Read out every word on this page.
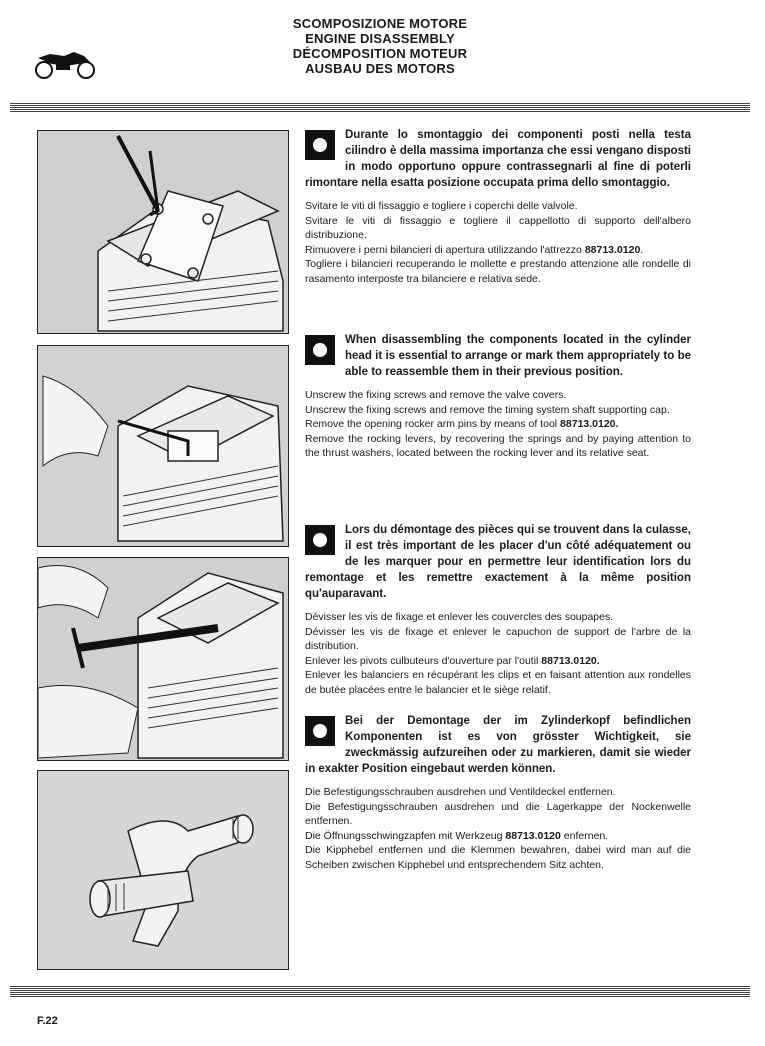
SCOMPOSIZIONE MOTORE
ENGINE DISASSEMBLY
DÉCOMPOSITION MOTEUR
AUSBAU DES MOTORS

Durante lo smontaggio dei componenti posti nella testa cilindro è della massima importanza che essi vengano disposti in modo opportuno oppure contrassegnarli al fine di poterli rimontare nella esatta posizione occupata prima dello smontaggio.

Svitare le viti di fissaggio e togliere i coperchi delle valvole.

Svitare le viti di fissaggio e togliere il cappellotto di supporto dell'albero distribuzione.

Rimuovere i perni bilancieri di apertura utilizzando l'attrezzo 88713.0120.

Togliere i bilancieri recuperando le mollette e prestando attenzione alle rondelle di rasamento interposte tra bilanciere e relativa sede.

When disassembling the components located in the cylinder head it is essential to arrange or mark them appropriately to be able to reassemble them in their previous position.

Unscrew the fixing screws and remove the valve covers.

Unscrew the fixing screws and remove the timing system shaft supporting cap.

Remove the opening rocker arm pins by means of tool 88713.0120.

Remove the rocking levers, by recovering the springs and by paying attention to the thrust washers, located between the rocking lever and its relative seat.

Lors du démontage des pièces qui se trouvent dans la culasse, il est très important de les placer d'un côté adéquatement ou de les marquer pour en permettre leur identification lors du remontage et les remettre exactement à la même position qu'auparavant.

Dévisser les vis de fixage et enlever les couvercles des soupapes.

Dévisser les vis de fixage et enlever le capuchon de support de l'arbre de la distribution.

Enlever les pivots culbuteurs d'ouverture par l'outil 88713.0120.

Enlever les balanciers en récupérant les clips et en faisant attention aux rondelles de butée placées entre le balancier et le siège relatif.

Bei der Demontage der im Zylinderkopf befindlichen Komponenten ist es von grösster Wichtigkeit, sie zweckmässig aufzureihen oder zu markieren, damit sie wieder in exakter Position eingebaut werden können.

Die Befestigungsschrauben ausdrehen und Ventildeckel entfernen.

Die Befestigungsschrauben ausdrehen und die Lagerkappe der Nockenwelle entfernen.

Die Öffnungsschwingzapfen mit Werkzeug 88713.0120 enfernen.

Die Kipphebel entfernen und die Klemmen bewahren, dabei wird man auf die Scheiben zwischen Kipphebel und entsprechendem Sitz achten.

F.22
